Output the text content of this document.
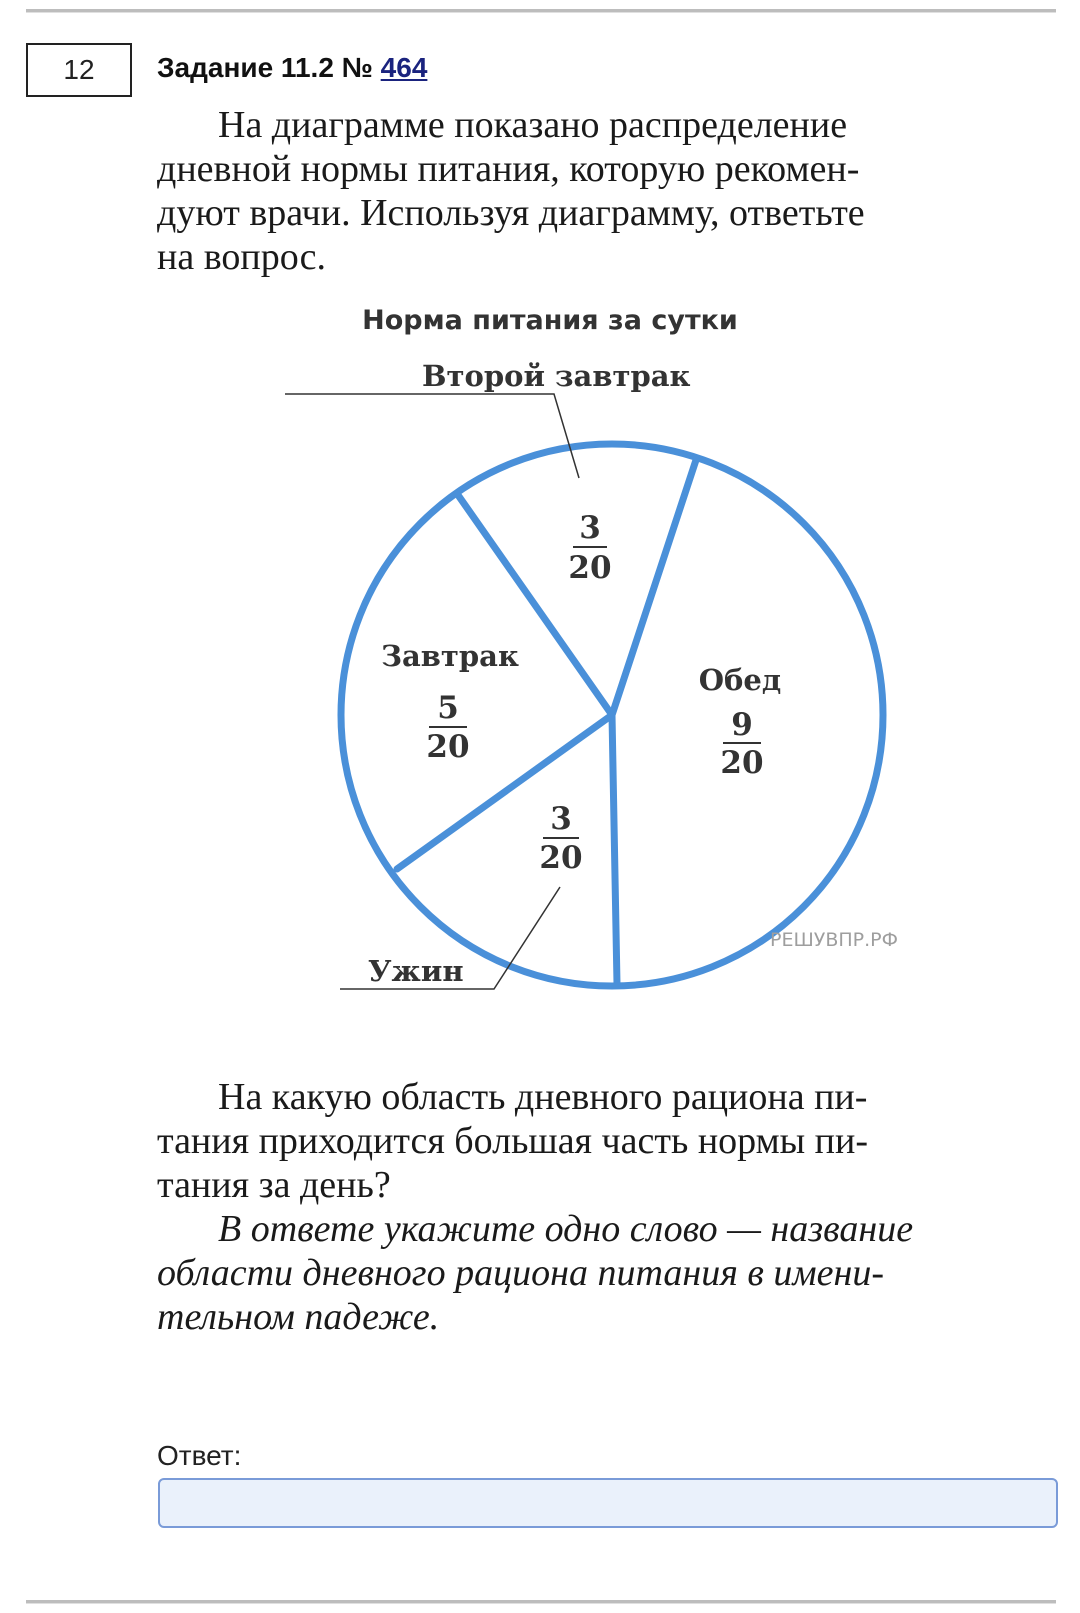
12	Задание 11.2 № 464
На диаграмме показано распределение
дневной нормы питания, которую рекомен-
дуют врачи. Используя диаграмму, ответьте
на вопрос.
Норма питания за сутки
Второй завтрак
3
20
Завтрак
5
20
Обед
9
20
3
20
Ужин
РЕШУВПР.РФ
На какую область дневного рациона пи-
тания приходится большая часть нормы пи-
тания за день?
В ответе укажите одно слово — название
области дневного рациона питания в имени-
тельном падеже.
Ответ:
